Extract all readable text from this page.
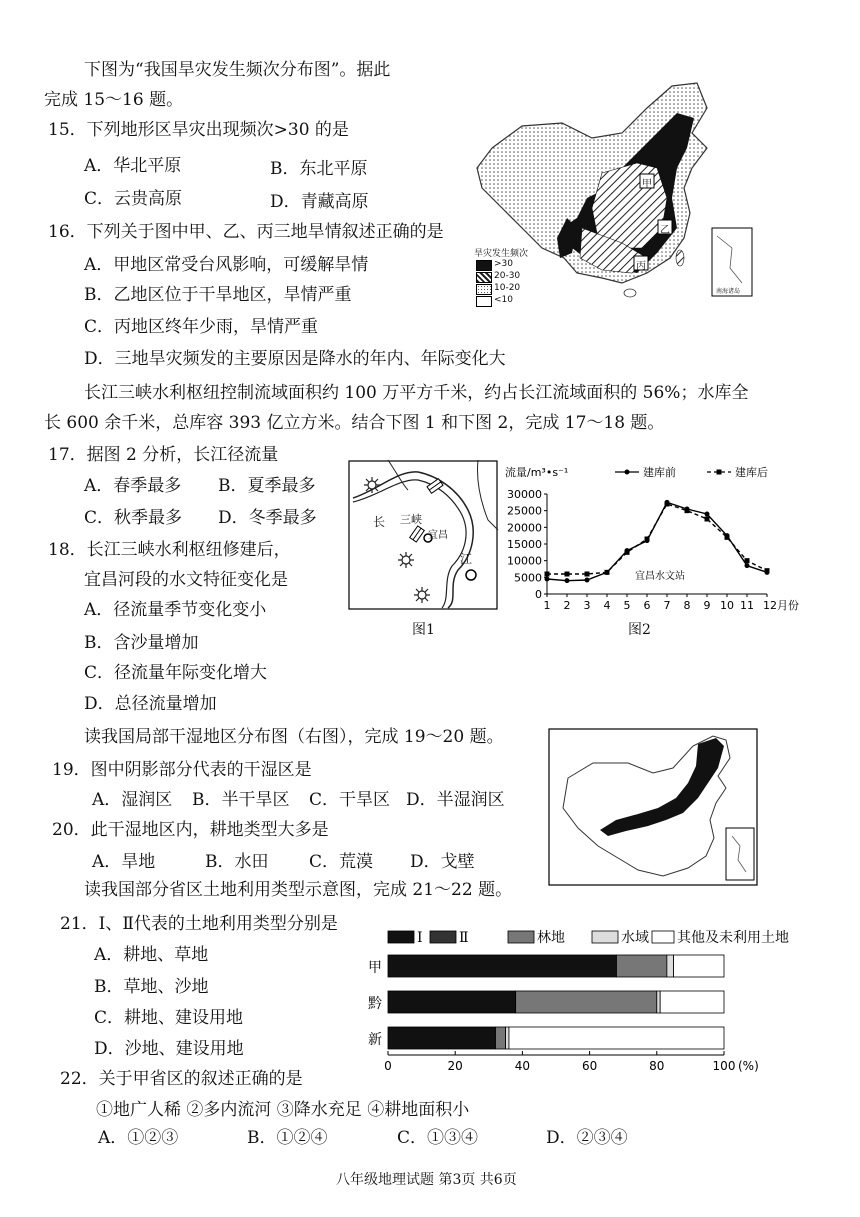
下图为“我国旱灾发生频次分布图”。据此
完成 15～16 题。
15．下列地形区旱灾出现频次>30 的是
A．华北平原	B．东北平原
C．云贵高原	D．青藏高原
16．下列关于图中甲、乙、丙三地旱情叙述正确的是
A．甲地区常受台风影响，可缓解旱情
B．乙地区位于干旱地区，旱情严重
C．丙地区终年少雨，旱情严重
D．三地旱灾频发的主要原因是降水的年内、年际变化大
甲
乙
丙
南海诸岛
旱灾发生频次
>30
20-30
10-20
<10
长江三峡水利枢纽控制流域面积约 100 万平方千米，约占长江流域面积的 56%；水库全
长 600 余千米，总库容 393 亿立方米。结合下图 1 和下图 2，完成 17～18 题。
17．据图 2 分析，长江径流量
A．春季最多 B．夏季最多
C．秋季最多 D．冬季最多
18．长江三峡水利枢纽修建后，
宜昌河段的水文特征变化是
A．径流量季节变化变小
B．含沙量增加
C．径流量年际变化增大
D．总径流量增加
长 三峡
宜昌
江
图1
流量/m³•s⁻¹
0
5000
10000
15000
20000
25000
30000
1 2 3 4 5 6 7 8 9 10 11 12月份
宜昌水文站
建库前	建库后
图2
读我国局部干湿地区分布图（右图），完成 19～20 题。
19．图中阴影部分代表的干湿区是
A．湿润区 B．半干旱区 C．干旱区 D．半湿润区
20．此干湿地区内，耕地类型大多是
A．旱地	B．水田 C．荒漠 D．戈壁
读我国部分省区土地利用类型示意图，完成 21～22 题。
21．Ⅰ、Ⅱ代表的土地利用类型分别是
A．耕地、草地
B．草地、沙地
C．耕地、建设用地
D．沙地、建设用地
Ⅰ	Ⅱ	林地	水域 其他及未利用土地
甲
黔
新
0	20	40	60	80	100 (%)
22．关于甲省区的叙述正确的是
①地广人稀 ②多内流河 ③降水充足 ④耕地面积小
A．①②③	B．①②④	C．①③④	D．②③④
八年级地理试题 第3页 共6页
